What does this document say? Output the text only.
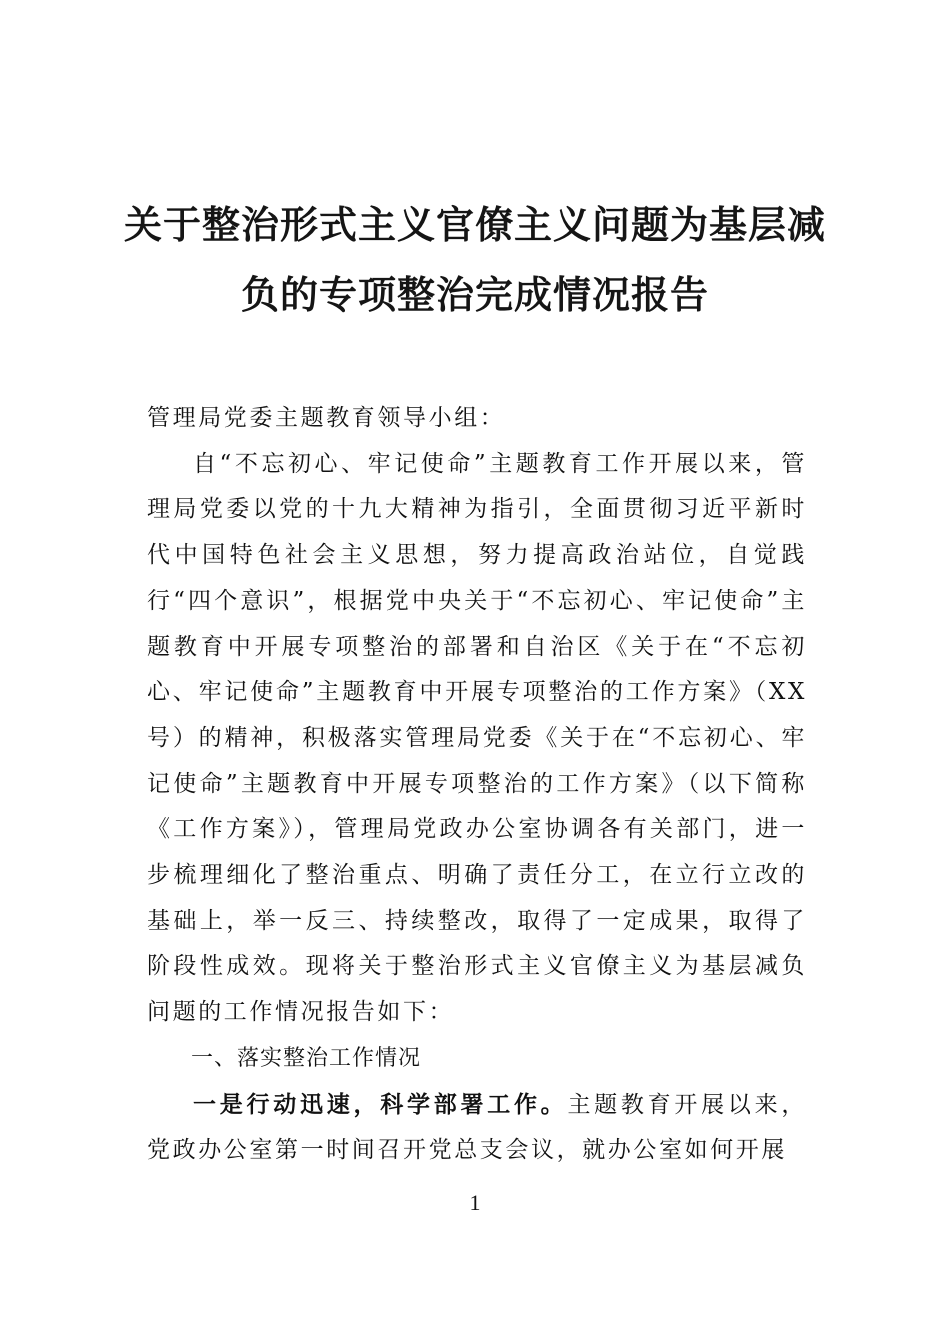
关于整治形式主义官僚主义问题为基层减
负的专项整治完成情况报告

管理局党委主题教育领导小组：

自“不忘初心、牢记使命”主题教育工作开展以来，管理局党委以党的十九大精神为指引，全面贯彻习近平新时代中国特色社会主义思想，努力提高政治站位，自觉践行“四个意识”，根据党中央关于“不忘初心、牢记使命”主题教育中开展专项整治的部署和自治区《关于在“不忘初心、牢记使命”主题教育中开展专项整治的工作方案》（XX号）的精神，积极落实管理局党委《关于在“不忘初心、牢记使命”主题教育中开展专项整治的工作方案》（以下简称《工作方案》），管理局党政办公室协调各有关部门，进一步梳理细化了整治重点、明确了责任分工，在立行立改的基础上，举一反三、持续整改，取得了一定成果，取得了阶段性成效。现将关于整治形式主义官僚主义为基层减负问题的工作情况报告如下：

一、落实整治工作情况

一是行动迅速，科学部署工作。主题教育开展以来，党政办公室第一时间召开党总支会议，就办公室如何开展

1
